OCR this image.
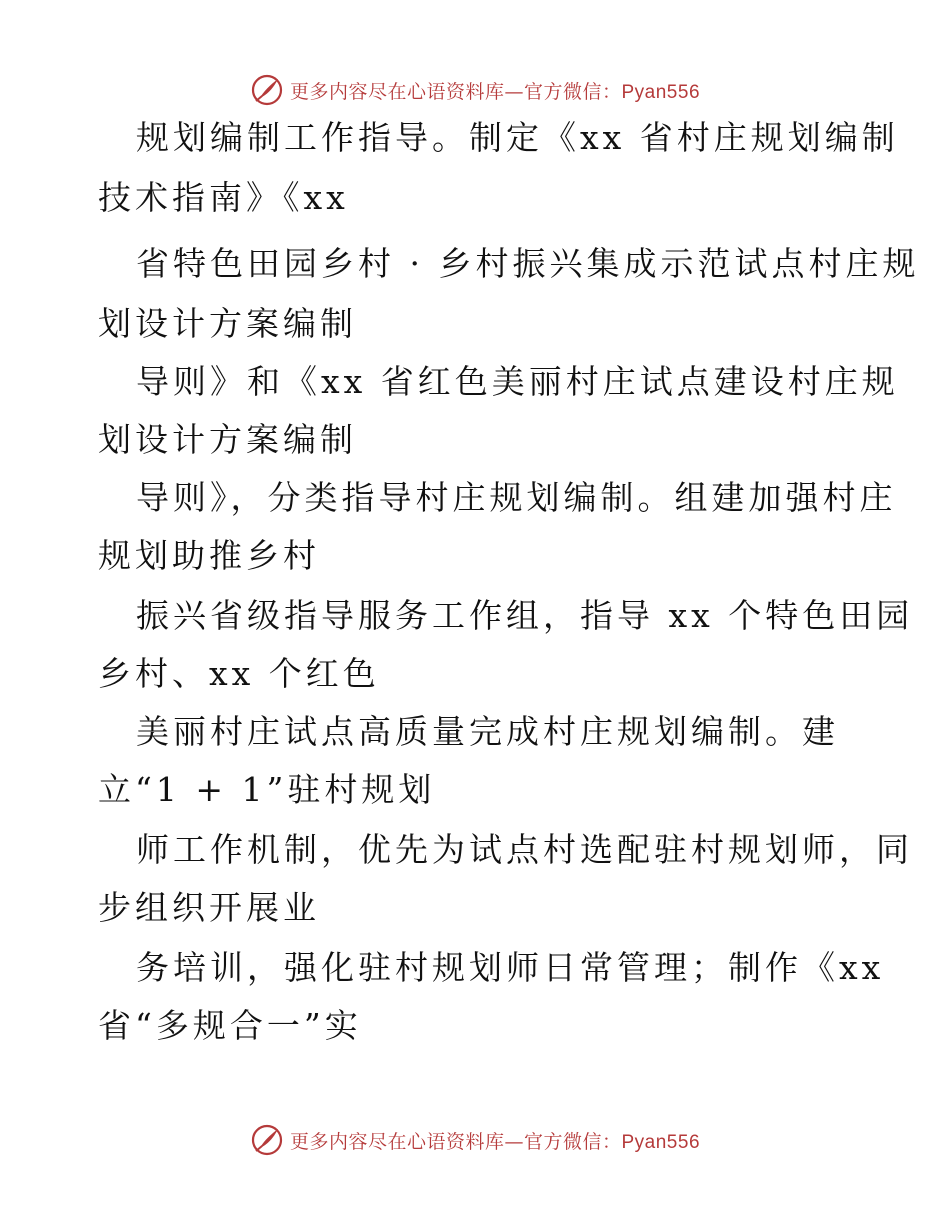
更多内容尽在心语资料库—官方微信：Pyan556
规划编制工作指导。制定《xx 省村庄规划编制
技术指南》《xx
省特色田园乡村 · 乡村振兴集成示范试点村庄规
划设计方案编制
导则》和《xx 省红色美丽村庄试点建设村庄规
划设计方案编制
导则》，分类指导村庄规划编制。组建加强村庄
规划助推乡村
振兴省级指导服务工作组，指导 xx 个特色田园
乡村、xx 个红色
美丽村庄试点高质量完成村庄规划编制。建
立“1 + 1”驻村规划
师工作机制，优先为试点村选配驻村规划师，同
步组织开展业
务培训，强化驻村规划师日常管理；制作《xx
省“多规合一”实
更多内容尽在心语资料库—官方微信：Pyan556
